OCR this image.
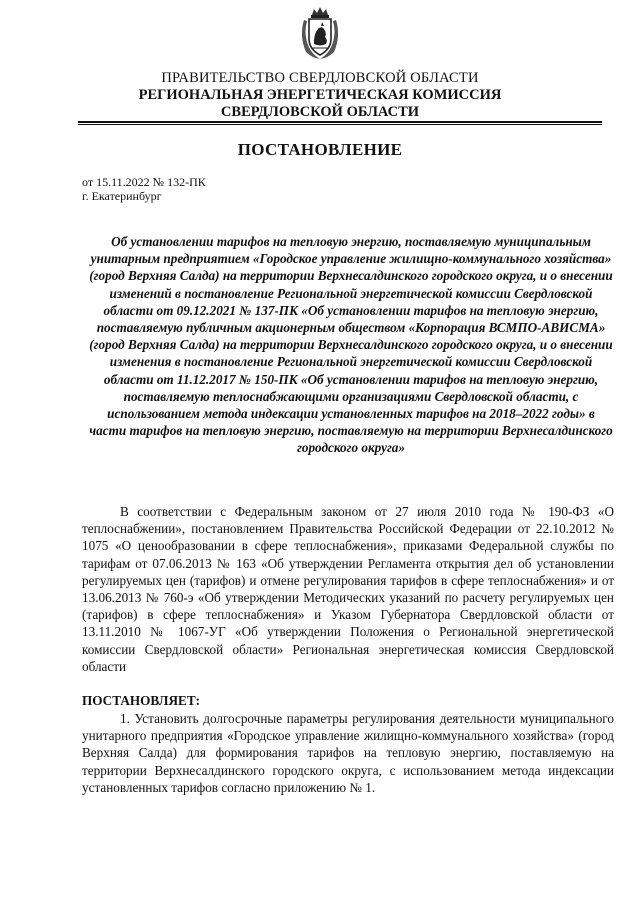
ПРАВИТЕЛЬСТВО СВЕРДЛОВСКОЙ ОБЛАСТИ
РЕГИОНАЛЬНАЯ ЭНЕРГЕТИЧЕСКАЯ КОМИССИЯ
СВЕРДЛОВСКОЙ ОБЛАСТИ
ПОСТАНОВЛЕНИЕ
от 15.11.2022 № 132-ПК
г. Екатеринбург
Об установлении тарифов на тепловую энергию, поставляемую муниципальным унитарным предприятием «Городское управление жилищно-коммунального хозяйства» (город Верхняя Салда) на территории Верхнесалдинского городского округа, и о внесении изменений в постановление Региональной энергетической комиссии Свердловской области от 09.12.2021 № 137-ПК «Об установлении тарифов на тепловую энергию, поставляемую публичным акционерным обществом «Корпорация ВСМПО-АВИСМА» (город Верхняя Салда) на территории Верхнесалдинского городского округа, и о внесении изменения в постановление Региональной энергетической комиссии Свердловской области от 11.12.2017 № 150-ПК «Об установлении тарифов на тепловую энергию, поставляемую теплоснабжающими организациями Свердловской области, с использованием метода индексации установленных тарифов на 2018–2022 годы» в части тарифов на тепловую энергию, поставляемую на территории Верхнесалдинского городского округа»
В соответствии с Федеральным законом от 27 июля 2010 года № 190-ФЗ «О теплоснабжении», постановлением Правительства Российской Федерации от 22.10.2012 № 1075 «О ценообразовании в сфере теплоснабжения», приказами Федеральной службы по тарифам от 07.06.2013 № 163 «Об утверждении Регламента открытия дел об установлении регулируемых цен (тарифов) и отмене регулирования тарифов в сфере теплоснабжения» и от 13.06.2013 № 760-э «Об утверждении Методических указаний по расчету регулируемых цен (тарифов) в сфере теплоснабжения» и Указом Губернатора Свердловской области от 13.11.2010 № 1067-УГ «Об утверждении Положения о Региональной энергетической комиссии Свердловской области» Региональная энергетическая комиссия Свердловской области
ПОСТАНОВЛЯЕТ:
1. Установить долгосрочные параметры регулирования деятельности муниципального унитарного предприятия «Городское управление жилищно-коммунального хозяйства» (город Верхняя Салда) для формирования тарифов на тепловую энергию, поставляемую на территории Верхнесалдинского городского округа, с использованием метода индексации установленных тарифов согласно приложению № 1.
